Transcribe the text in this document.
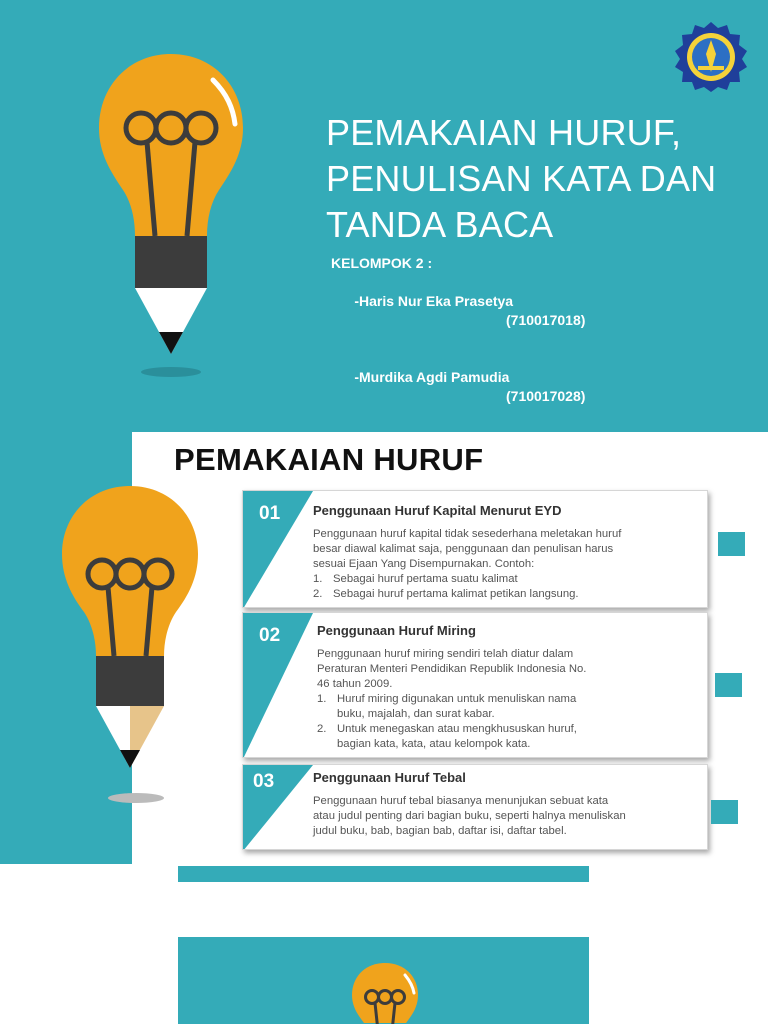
PEMAKAIAN HURUF,
PENULISAN KATA DAN
TANDA BACA
KELOMPOK 2 :

-Haris Nur Eka Prasetya

(710017018)

-Murdika Agdi Pamudia

(710017028)

PEMAKAIAN HURUF
01	Penggunaan Huruf Kapital Menurut EYD
Penggunaan huruf kapital tidak sesederhana meletakan huruf
besar diawal kalimat saja, penggunaan dan penulisan harus
sesuai Ejaan Yang Disempurnakan. Contoh:
1. Sebagai huruf pertama suatu kalimat
2. Sebagai huruf pertama kalimat petikan langsung.
02	Penggunaan Huruf Miring
Penggunaan huruf miring sendiri telah diatur dalam
Peraturan Menteri Pendidikan Republik Indonesia No.
46 tahun 2009.
1. Huruf miring digunakan untuk menuliskan nama
buku, majalah, dan surat kabar.
2. Untuk menegaskan atau mengkhususkan huruf,
bagian kata, kata, atau kelompok kata.
03	Penggunaan Huruf Tebal
Penggunaan huruf tebal biasanya menunjukan sebuat kata
atau judul penting dari bagian buku, seperti halnya menuliskan
judul buku, bab, bagian bab, daftar isi, daftar tabel.
